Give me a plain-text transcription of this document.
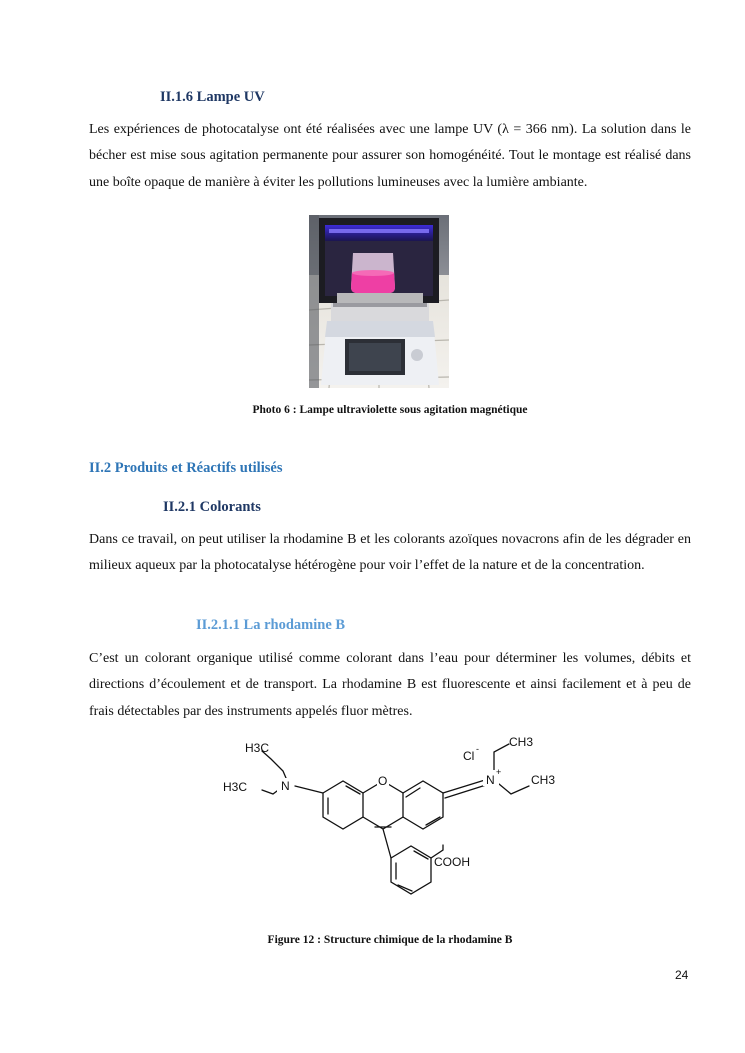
II.1.6 Lampe UV
Les expériences de photocatalyse ont été réalisées avec une lampe UV (λ = 366 nm). La solution dans le bécher est mise sous agitation permanente pour assurer son homogénéité. Tout le montage est réalisé dans une boîte opaque de manière à éviter les pollutions lumineuses avec la lumière ambiante.
Photo 6 : Lampe ultraviolette sous agitation magnétique
II.2 Produits et Réactifs utilisés
II.2.1 Colorants
Dans ce travail, on peut utiliser la rhodamine B et les colorants azoïques novacrons afin de les dégrader en milieux aqueux par la photocatalyse hétérogène pour voir l’effet de la nature et de la concentration.
II.2.1.1 La rhodamine B
C’est un colorant organique utilisé comme colorant dans l’eau pour déterminer les volumes, débits et directions d’écoulement et de transport. La rhodamine B est fluorescente et ainsi facilement et à peu de frais détectables par des instruments appelés fluor mètres.
H3C
H3C	N	O
Cl -
N
+
CH3
CH3
COOH
Figure 12 : Structure chimique de la rhodamine B
24
